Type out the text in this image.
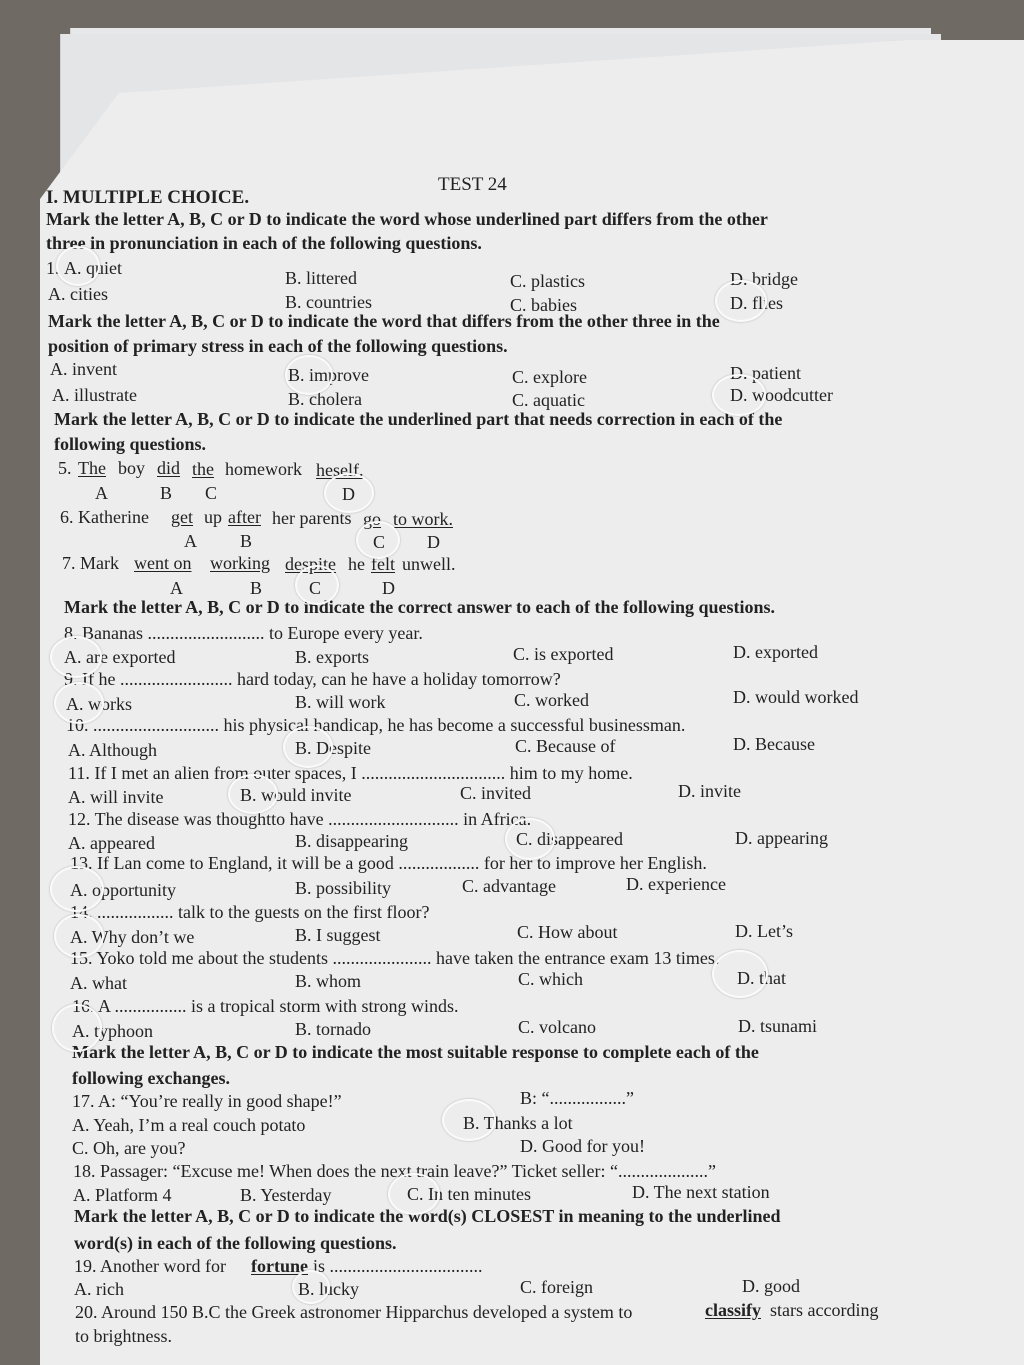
TEST 24
I. MULTIPLE CHOICE.
Mark the letter A, B, C or D to indicate the word whose underlined part differs from the other
three in pronunciation in each of the following questions.
1. A. quiet	B. littered	C. plastics	D. bridge
A. cities	B. countries	C. babies	D. flies
Mark the letter A, B, C or D to indicate the word that differs from the other three in the
position of primary stress in each of the following questions.
A. invent	B. improve	C. explore	D. patient
A. illustrate	B. cholera	C. aquatic	D. woodcutter
Mark the letter A, B, C or D to indicate the underlined part that needs correction in each of the
following questions.
5. The boy did the homework heself.
A	B C	D
6. Katherine get up after her parents go to work.
A B	C D
7. Mark went on working despite he felt unwell.
A	B	C	D
Mark the letter A, B, C or D to indicate the correct answer to each of the following questions.
8. Bananas .......................... to Europe every year.
A. are exported	B. exports	C. is exported	D. exported
9. If he ......................... hard today, can he have a holiday tomorrow?
A. works	B. will work	C. worked	D. would worked
10. ............................ his physical handicap, he has become a successful businessman.
A. Although	B. Despite	C. Because of	D. Because
11. If I met an alien from outer spaces, I ................................ him to my home.
A. will invite	B. would invite	C. invited	D. invite
12. The disease was thoughtto have ............................. in Africa.
A. appeared	B. disappearing	C. disappeared	D. appearing
13. If Lan come to England, it will be a good .................. for her to improve her English.
A. opportunity	B. possibility	C. advantage	D. experience
14. ................. talk to the guests on the first floor?
A. Why don’t we	B. I suggest	C. How about	D. Let’s
15. Yoko told me about the students ...................... have taken the entrance exam 13 times.
A. what	B. whom	C. which	D. that
16. A ................ is a tropical storm with strong winds.
A. typhoon	B. tornado	C. volcano	D. tsunami
Mark the letter A, B, C or D to indicate the most suitable response to complete each of the
following exchanges.
17. A: “You’re really in good shape!”	B: “.................”
A. Yeah, I’m a real couch potato	B. Thanks a lot
C. Oh, are you?	D. Good for you!
18. Passager: “Excuse me! When does the next train leave?” Ticket seller: “....................”
A. Platform 4	B. Yesterday	C. In ten minutes	D. The next station
Mark the letter A, B, C or D to indicate the word(s) CLOSEST in meaning to the underlined
word(s) in each of the following questions.
19. Another word for fortune is ..................................
A. rich	B. lucky	C. foreign	D. good
20. Around 150 B.C the Greek astronomer Hipparchus developed a system to	classify stars according
to brightness.
